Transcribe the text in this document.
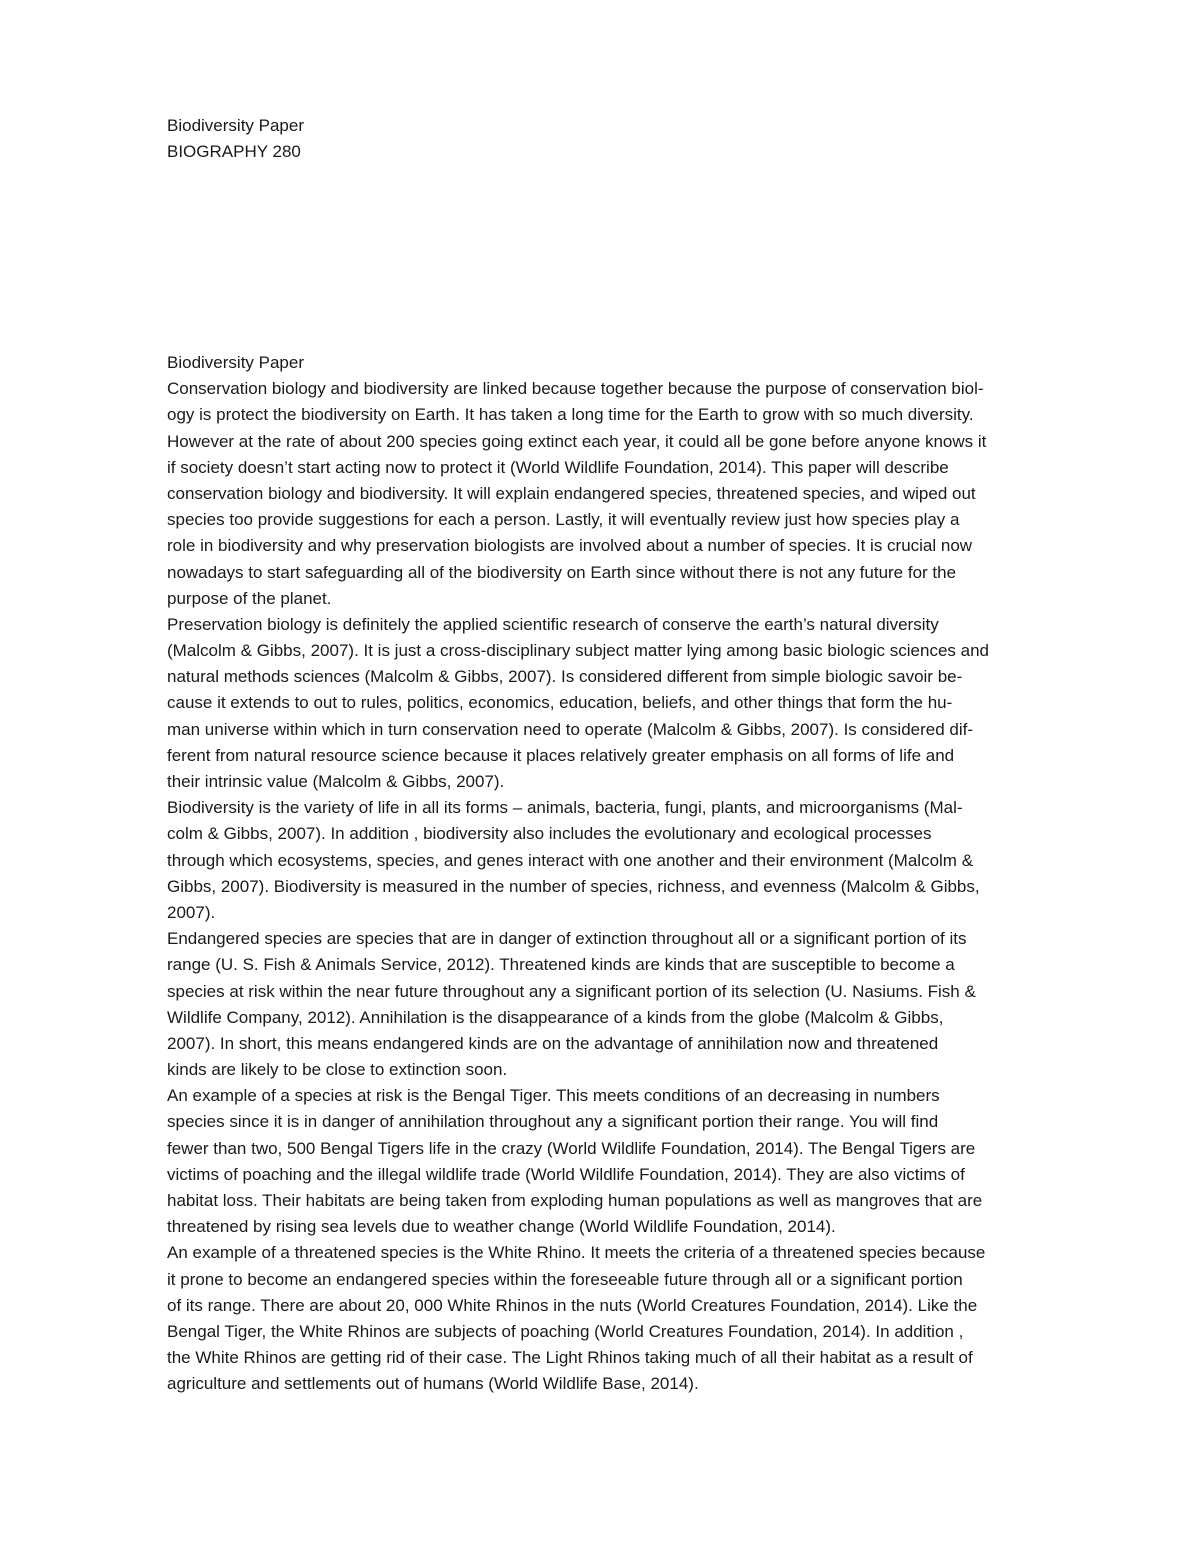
Biodiversity Paper
BIOGRAPHY 280
Biodiversity Paper
Conservation biology and biodiversity are linked because together because the purpose of conservation biol-
ogy is protect the biodiversity on Earth. It has taken a long time for the Earth to grow with so much diversity.
However at the rate of about 200 species going extinct each year, it could all be gone before anyone knows it
if society doesn’t start acting now to protect it (World Wildlife Foundation, 2014). This paper will describe
conservation biology and biodiversity. It will explain endangered species, threatened species, and wiped out
species too provide suggestions for each a person. Lastly, it will eventually review just how species play a
role in biodiversity and why preservation biologists are involved about a number of species. It is crucial now
nowadays to start safeguarding all of the biodiversity on Earth since without there is not any future for the
purpose of the planet.
Preservation biology is definitely the applied scientific research of conserve the earth’s natural diversity
(Malcolm & Gibbs, 2007). It is just a cross-disciplinary subject matter lying among basic biologic sciences and
natural methods sciences (Malcolm & Gibbs, 2007). Is considered different from simple biologic savoir be-
cause it extends to out to rules, politics, economics, education, beliefs, and other things that form the hu-
man universe within which in turn conservation need to operate (Malcolm & Gibbs, 2007). Is considered dif-
ferent from natural resource science because it places relatively greater emphasis on all forms of life and
their intrinsic value (Malcolm & Gibbs, 2007).
Biodiversity is the variety of life in all its forms – animals, bacteria, fungi, plants, and microorganisms (Mal-
colm & Gibbs, 2007). In addition , biodiversity also includes the evolutionary and ecological processes
through which ecosystems, species, and genes interact with one another and their environment (Malcolm &
Gibbs, 2007). Biodiversity is measured in the number of species, richness, and evenness (Malcolm & Gibbs,
2007).
Endangered species are species that are in danger of extinction throughout all or a significant portion of its
range (U. S. Fish & Animals Service, 2012). Threatened kinds are kinds that are susceptible to become a
species at risk within the near future throughout any a significant portion of its selection (U. Nasiums. Fish &
Wildlife Company, 2012). Annihilation is the disappearance of a kinds from the globe (Malcolm & Gibbs,
2007). In short, this means endangered kinds are on the advantage of annihilation now and threatened
kinds are likely to be close to extinction soon.
An example of a species at risk is the Bengal Tiger. This meets conditions of an decreasing in numbers
species since it is in danger of annihilation throughout any a significant portion their range. You will find
fewer than two, 500 Bengal Tigers life in the crazy (World Wildlife Foundation, 2014). The Bengal Tigers are
victims of poaching and the illegal wildlife trade (World Wildlife Foundation, 2014). They are also victims of
habitat loss. Their habitats are being taken from exploding human populations as well as mangroves that are
threatened by rising sea levels due to weather change (World Wildlife Foundation, 2014).
An example of a threatened species is the White Rhino. It meets the criteria of a threatened species because
it prone to become an endangered species within the foreseeable future through all or a significant portion
of its range. There are about 20, 000 White Rhinos in the nuts (World Creatures Foundation, 2014). Like the
Bengal Tiger, the White Rhinos are subjects of poaching (World Creatures Foundation, 2014). In addition ,
the White Rhinos are getting rid of their case. The Light Rhinos taking much of all their habitat as a result of
agriculture and settlements out of humans (World Wildlife Base, 2014).
